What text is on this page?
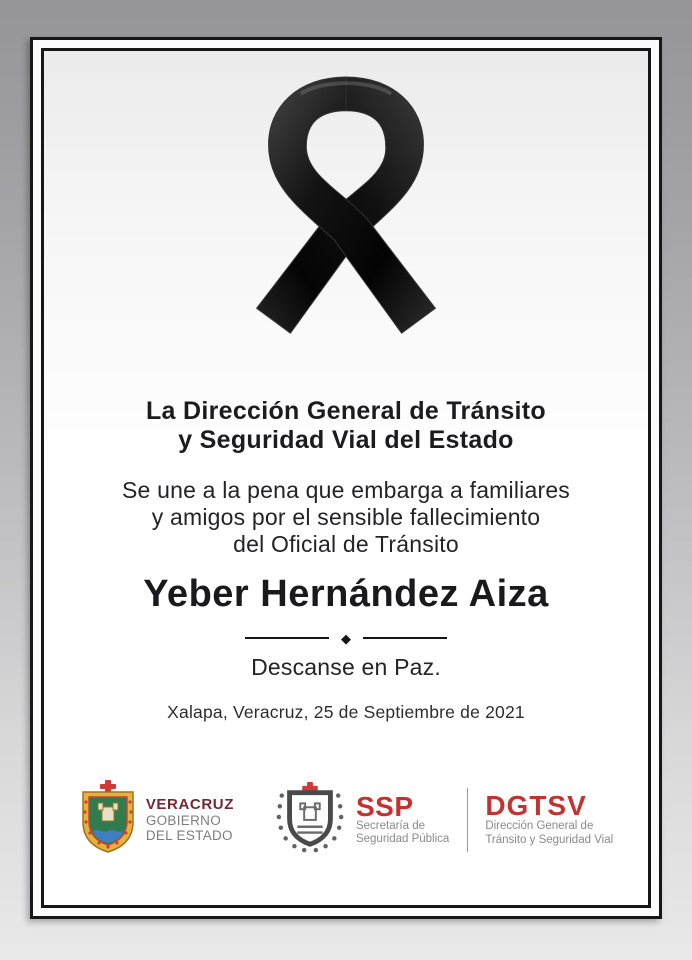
La Dirección General de Tránsito
y Seguridad Vial del Estado
Se une a la pena que embarga a familiares
y amigos por el sensible fallecimiento
del Oficial de Tránsito
Yeber Hernández Aiza
◆
Descanse en Paz.
Xalapa, Veracruz, 25 de Septiembre de 2021
VERACRUZ
GOBIERNO
DEL ESTADO
SSP
Secretaría de
Seguridad Pública
DGTSV
Dirección General de
Tránsito y Seguridad Vial
